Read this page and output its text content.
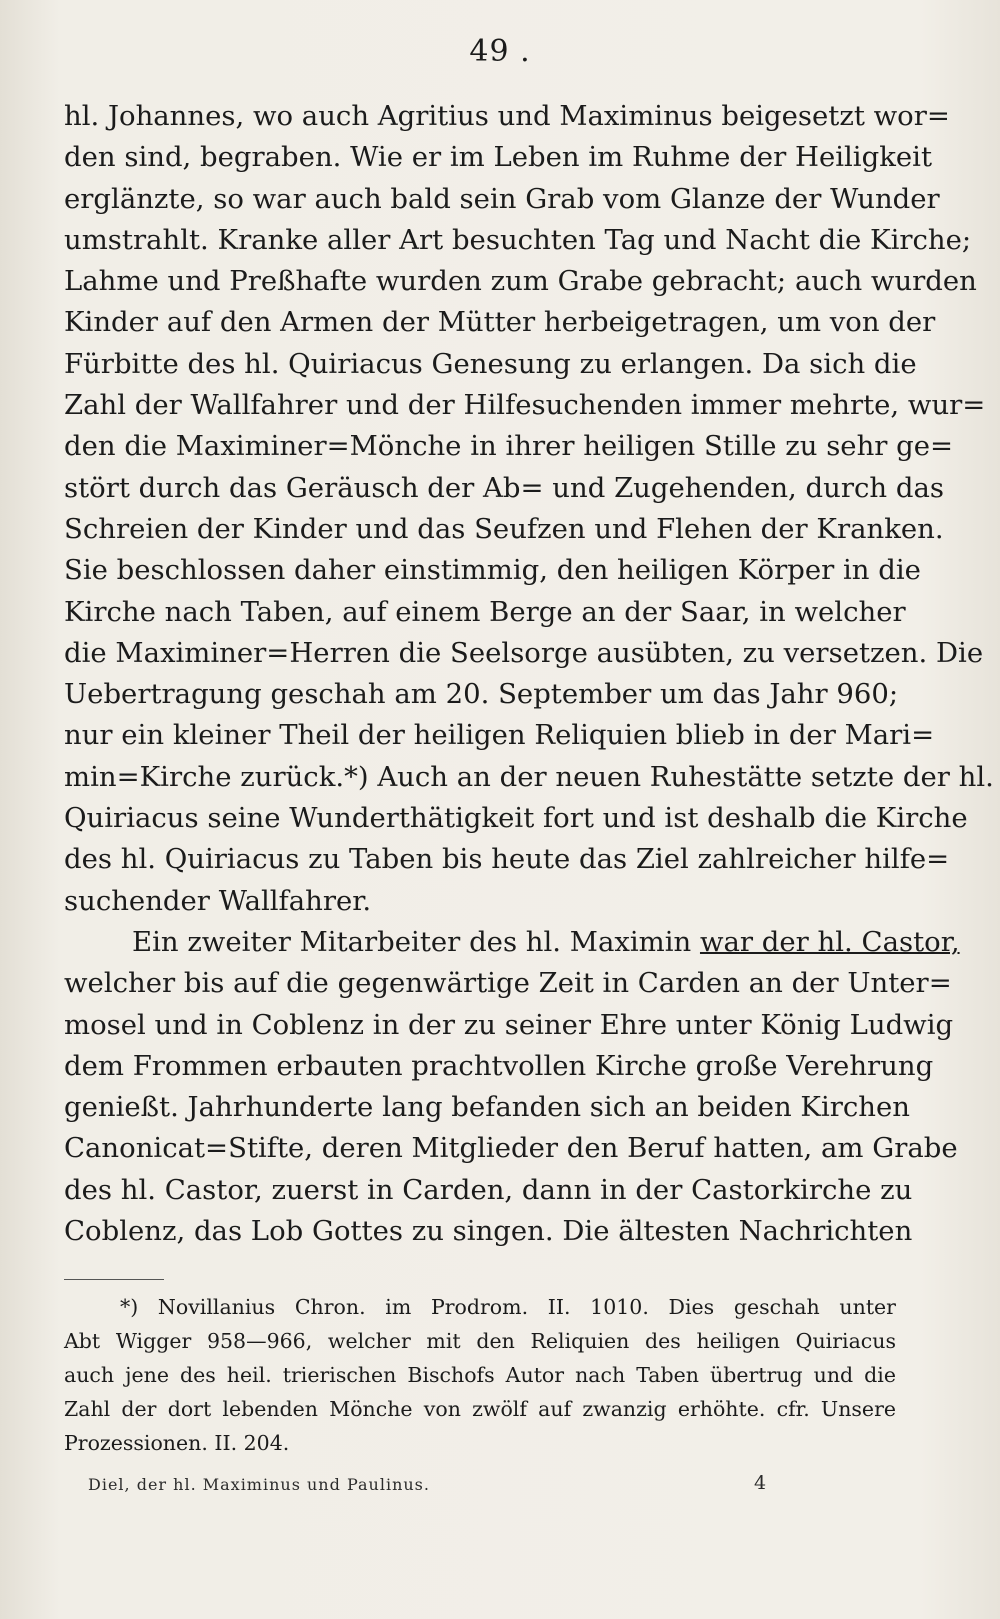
49 .
hl. Johannes, wo auch Agritius und Maximinus beigesetzt wor=
den sind, begraben. Wie er im Leben im Ruhme der Heiligkeit
erglänzte, so war auch bald sein Grab vom Glanze der Wunder
umstrahlt. Kranke aller Art besuchten Tag und Nacht die Kirche;
Lahme und Preßhafte wurden zum Grabe gebracht; auch wurden
Kinder auf den Armen der Mütter herbeigetragen, um von der
Fürbitte des hl. Quiriacus Genesung zu erlangen. Da sich die
Zahl der Wallfahrer und der Hilfesuchenden immer mehrte, wur=
den die Maximiner=Mönche in ihrer heiligen Stille zu sehr ge=
stört durch das Geräusch der Ab= und Zugehenden, durch das
Schreien der Kinder und das Seufzen und Flehen der Kranken.
Sie beschlossen daher einstimmig, den heiligen Körper in die
Kirche nach Taben, auf einem Berge an der Saar, in welcher
die Maximiner=Herren die Seelsorge ausübten, zu versetzen. Die
Uebertragung geschah am 20. September um das Jahr 960;
nur ein kleiner Theil der heiligen Reliquien blieb in der Mari=
min=Kirche zurück.*) Auch an der neuen Ruhestätte setzte der hl.
Quiriacus seine Wunderthätigkeit fort und ist deshalb die Kirche
des hl. Quiriacus zu Taben bis heute das Ziel zahlreicher hilfe=
suchender Wallfahrer.
Ein zweiter Mitarbeiter des hl. Maximin war der hl. Castor,
welcher bis auf die gegenwärtige Zeit in Carden an der Unter=
mosel und in Coblenz in der zu seiner Ehre unter König Ludwig
dem Frommen erbauten prachtvollen Kirche große Verehrung
genießt. Jahrhunderte lang befanden sich an beiden Kirchen
Canonicat=Stifte, deren Mitglieder den Beruf hatten, am Grabe
des hl. Castor, zuerst in Carden, dann in der Castorkirche zu
Coblenz, das Lob Gottes zu singen. Die ältesten Nachrichten
*) Novillanius Chron. im Prodrom. II. 1010. Dies geschah unter
Abt Wigger 958—966, welcher mit den Reliquien des heiligen Quiriacus
auch jene des heil. trierischen Bischofs Autor nach Taben übertrug und die
Zahl der dort lebenden Mönche von zwölf auf zwanzig erhöhte. cfr. Unsere
Prozessionen. II. 204.
Diel, der hl. Maximinus und Paulinus.	4
